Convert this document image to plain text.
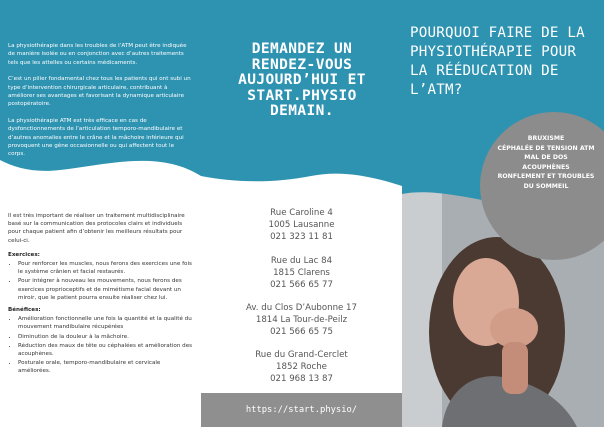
La physiothérapie dans les troubles de l’ATM peut être indiquée de manière isolée ou en conjonction avec d’autres traitements tels que les attelles ou certains médicaments.

C’est un pilier fondamental chez tous les patients qui ont subi un type d’intervention chirurgicale articulaire, contribuant à améliorer ses avantages et favorisant la dynamique articulaire postopératoire.

La physiothérapie ATM est très efficace en cas de dysfonctionnements de l’articulation temporo-mandibulaire et d’autres anomalies entre le crâne et la mâchoire inférieure qui provoquent une gêne occasionnelle ou qui affectent tout le corps.

Il est très important de réaliser un traitement multidisciplinaire basé sur la communication des protocoles clairs et individuels pour chaque patient afin d’obtenir les meilleurs résultats pour celui-ci.

Exercices:
• Pour renforcer les muscles, nous ferons des exercices une fois le système crânien et facial restaurés.
• Pour intégrer à nouveau les mouvements, nous ferons des exercices proprioceptifs et de mimétisme facial devant un miroir, que le patient pourra ensuite réaliser chez lui.
Bénéfices:
• Amélioration fonctionnelle une fois la quantité et la qualité du mouvement mandibulaire récupérées
• Diminution de la douleur à la mâchoire.
• Réduction des maux de tête ou céphalées et amélioration des acouphènes.
• Posturale orale, temporo-mandibulaire et cervicale améliorées.
DEMANDEZ UN
RENDEZ-VOUS
AUJOURD’HUI ET
START.PHYSIO
DEMAIN.
Rue Caroline 4
1005 Lausanne
021 323 11 81
Rue du Lac 84
1815 Clarens
021 566 65 77
Av. du Clos D’Aubonne 17
1814 La Tour-de-Peilz
021 566 65 75
Rue du Grand-Cerclet
1852 Roche
021 968 13 87
https://start.physio/
POURQUOI FAIRE DE LA
PHYSIOTHÉRAPIE POUR
LA RÉÉDUCATION DE
L’ATM?
BRUXISME
CÉPHALÉE DE TENSION ATM
MAL DE DOS
ACOUPHÈNES
RONFLEMENT ET TROUBLES
DU SOMMEIL
